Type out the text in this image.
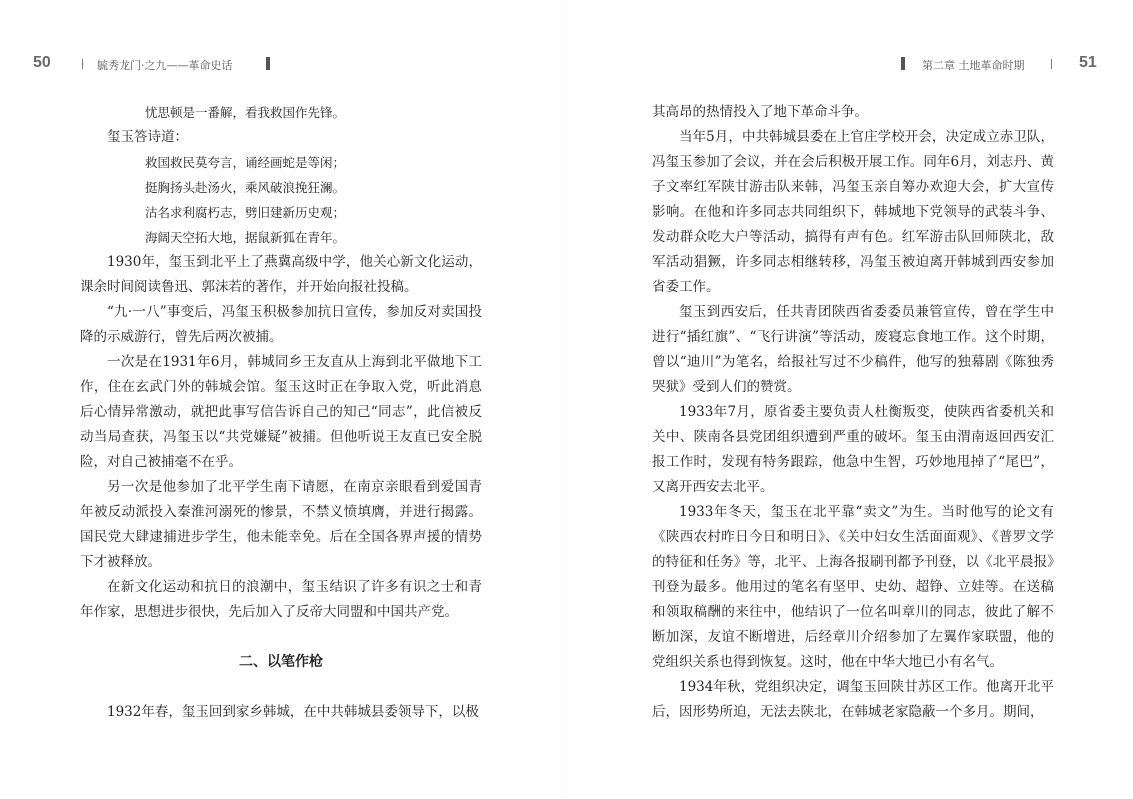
50	毓秀龙门·之九——革命史话

忧思顿是一番解，看我救国作先锋。

玺玉答诗道：

救国救民莫夸言，诵经画蛇是等闲；

挺胸扬头赴汤火，乘风破浪挽狂澜。

沽名求利腐朽志，劈旧建新历史观；

海阔天空拓大地，据鼠新狐在青年。

1930年，玺玉到北平上了燕冀高级中学，他关心新文化运动，课余时间阅读鲁迅、郭沫若的著作，并开始向报社投稿。

“九·一八”事变后，冯玺玉积极参加抗日宣传，参加反对卖国投降的示威游行，曾先后两次被捕。

一次是在1931年6月，韩城同乡王友直从上海到北平做地下工作，住在玄武门外的韩城会馆。玺玉这时正在争取入党，听此消息后心情异常激动，就把此事写信告诉自己的知己“同志”，此信被反动当局查获，冯玺玉以“共党嫌疑”被捕。但他听说王友直已安全脱险，对自己被捕毫不在乎。

另一次是他参加了北平学生南下请愿，在南京亲眼看到爱国青年被反动派投入秦淮河溺死的惨景，不禁义愤填膺，并进行揭露。国民党大肆逮捕进步学生，他未能幸免。后在全国各界声援的情势下才被释放。

在新文化运动和抗日的浪潮中，玺玉结识了许多有识之士和青年作家，思想进步很快，先后加入了反帝大同盟和中国共产党。

二、以笔作枪

1932年春，玺玉回到家乡韩城，在中共韩城县委领导下，以极

第二章 土地革命时期	51

其高昂的热情投入了地下革命斗争。

当年5月，中共韩城县委在上官庄学校开会，决定成立赤卫队，冯玺玉参加了会议，并在会后积极开展工作。同年6月，刘志丹、黄子文率红军陕甘游击队来韩，冯玺玉亲自筹办欢迎大会，扩大宣传影响。在他和许多同志共同组织下，韩城地下党领导的武装斗争、发动群众吃大户等活动，搞得有声有色。红军游击队回师陕北，敌军活动猖獗，许多同志相继转移，冯玺玉被迫离开韩城到西安参加省委工作。

玺玉到西安后，任共青团陕西省委委员兼管宣传，曾在学生中进行“插红旗”、“飞行讲演”等活动，废寝忘食地工作。这个时期，曾以“迪川”为笔名，给报社写过不少稿件，他写的独幕剧《陈独秀哭狱》受到人们的赞赏。

1933年7月，原省委主要负责人杜衡叛变，使陕西省委机关和关中、陕南各县党团组织遭到严重的破坏。玺玉由渭南返回西安汇报工作时，发现有特务跟踪，他急中生智，巧妙地甩掉了“尾巴”，又离开西安去北平。

1933年冬天，玺玉在北平靠“卖文”为生。当时他写的论文有《陕西农村昨日今日和明日》、《关中妇女生活面面观》、《普罗文学的特征和任务》等，北平、上海各报刷刊都予刊登，以《北平晨报》刊登为最多。他用过的笔名有坚甲、史幼、超铮、立娃等。在送稿和领取稿酬的来往中，他结识了一位名叫章川的同志，彼此了解不断加深，友谊不断增进，后经章川介绍参加了左翼作家联盟，他的党组织关系也得到恢复。这时，他在中华大地已小有名气。

1934年秋，党组织决定，调玺玉回陕甘苏区工作。他离开北平后，因形势所迫，无法去陕北，在韩城老家隐蔽一个多月。期间，
